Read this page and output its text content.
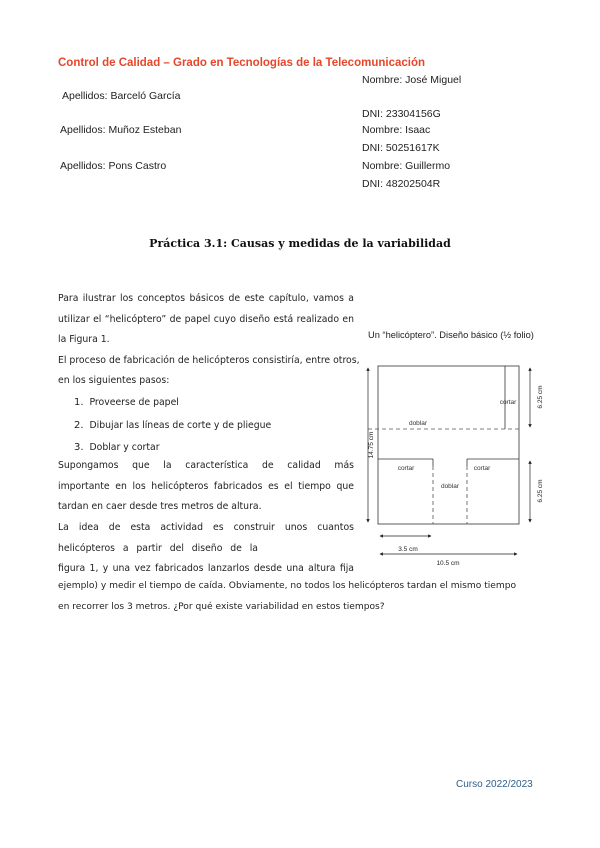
Control de Calidad – Grado en Tecnologías de la Telecomunicación
Nombre: José Miguel
Apellidos: Barceló García
DNI: 23304156G
Apellidos: Muñoz Esteban	Nombre: Isaac
DNI: 50251617K
Apellidos: Pons Castro	Nombre: Guillermo
DNI: 48202504R
Práctica 3.1: Causas y medidas de la variabilidad
Para ilustrar los conceptos básicos de este capítulo, vamos a
utilizar el “helicóptero” de papel cuyo diseño está realizado en
la Figura 1.
El proceso de fabricación de helicópteros consistiría, entre otros,
en los siguientes pasos:
1. Proveerse de papel
2. Dibujar las líneas de corte y de pliegue
3. Doblar y cortar
Supongamos que la característica de calidad más
importante en los helicópteros fabricados es el tiempo que
tardan en caer desde tres metros de altura.
La idea de esta actividad es construir unos cuantos
helicópteros a partir del diseño de la
figura 1, y una vez fabricados lanzarlos desde una altura fija
ejemplo) y medir el tiempo de caída. Obviamente, no todos los helicópteros tardan el mismo tiempo
en recorrer los 3 metros. ¿Por qué existe variabilidad en estos tiempos?
Un “helicóptero”. Diseño básico (½ folio)
cortar
doblar
cortar	cortar
doblar
14.75 cm
6.25 cm
6.25 cm
3.5 cm
10.5 cm
Curso 2022/2023
